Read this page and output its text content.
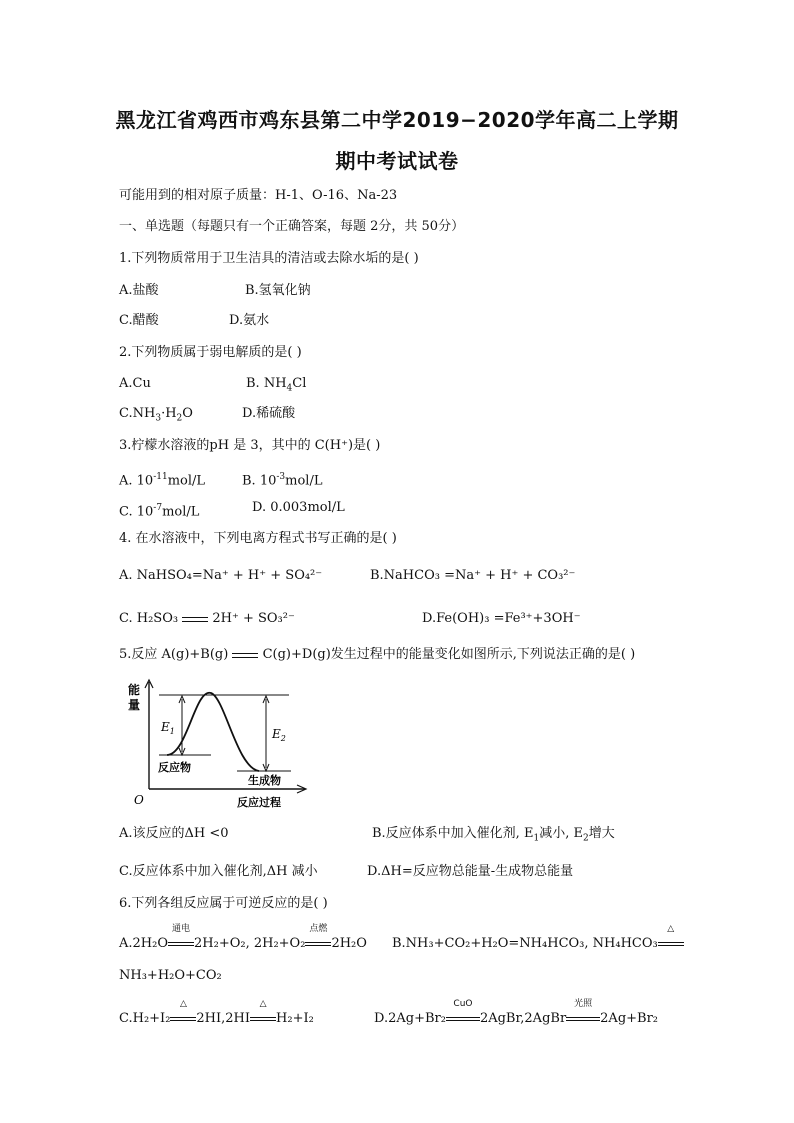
黑龙江省鸡西市鸡东县第二中学2019−2020学年高二上学期
期中考试试卷
可能用到的相对原子质量：H-1、O-16、Na-23
一、单选题（每题只有一个正确答案，每题 2分，共 50分）
1.下列物质常用于卫生洁具的清洁或去除水垢的是( )
A.盐酸	B.氢氧化钠
C.醋酸	D.氨水
2.下列物质属于弱电解质的是( )
A.Cu	B. $NH_4Cl$
$C.NH_3\cdot H_2O$	D.稀硫酸
3.柠檬水溶液的pH 是 3，其中的 C(H⁺)是( )
A. $10^{-11}mol/L$	B. $10^{-3}mol/L$
C. $10^{-7}mol/L$	D. 0.003mol/L
4. 在水溶液中，下列电离方程式书写正确的是( )
A. NaHSO₄=Na⁺ + H⁺ + SO₄²⁻	B.NaHCO₃ =Na⁺ + H⁺ + CO₃²⁻
C. H₂SO₃	2H⁺ + SO₃²⁻	D.Fe(OH)₃ =Fe³⁺+3OH⁻
5.反应 A(g)+B(g)	C(g)+D(g)发生过程中的能量变化如图所示,下列说法正确的是( )
能
量
$E_1$	$E_2$
反应物
生成物
O	反应过程
A.该反应的ΔH <0	B.反应体系中加入催化剂, $E_1$减小, $E_2$增大
C.反应体系中加入催化剂,ΔH 减小	D.ΔH=反应物总能量-生成物总能量
6.下列各组反应属于可逆反应的是( )
A.2H₂O
通电
2H₂+O₂, 2H₂+O₂
点燃
2H₂O B.NH₃+CO₂+H₂O=NH₄HCO₃, NH₄HCO₃
△
NH₃+H₂O+CO₂
C.H₂+I₂
△
2HI,2HI
△
H₂+I₂	D.2Ag+Br₂
CuO
2AgBr,2AgBr
光照
2Ag+Br₂
